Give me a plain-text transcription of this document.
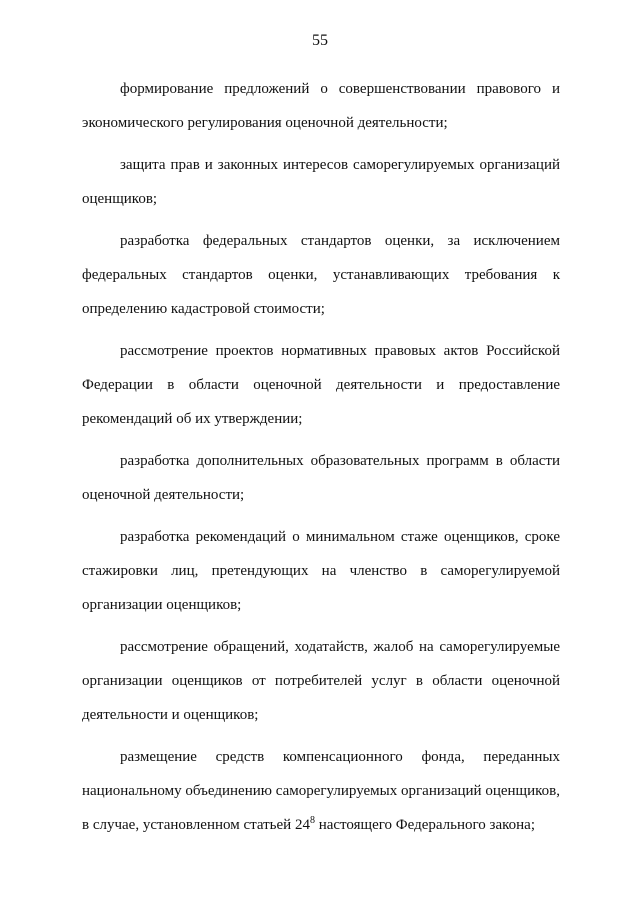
55

формирование предложений о совершенствовании правового и экономического регулирования оценочной деятельности;

защита прав и законных интересов саморегулируемых организаций оценщиков;

разработка федеральных стандартов оценки, за исключением федеральных стандартов оценки, устанавливающих требования к определению кадастровой стоимости;

рассмотрение проектов нормативных правовых актов Российской Федерации в области оценочной деятельности и предоставление рекомендаций об их утверждении;

разработка дополнительных образовательных программ в области оценочной деятельности;

разработка рекомендаций о минимальном стаже оценщиков, сроке стажировки лиц, претендующих на членство в саморегулируемой организации оценщиков;

рассмотрение обращений, ходатайств, жалоб на саморегулируемые организации оценщиков от потребителей услуг в области оценочной деятельности и оценщиков;

размещение средств компенсационного фонда, переданных национальному объединению саморегулируемых организаций оценщиков, в случае, установленном статьей $24^8$ настоящего Федерального закона;
